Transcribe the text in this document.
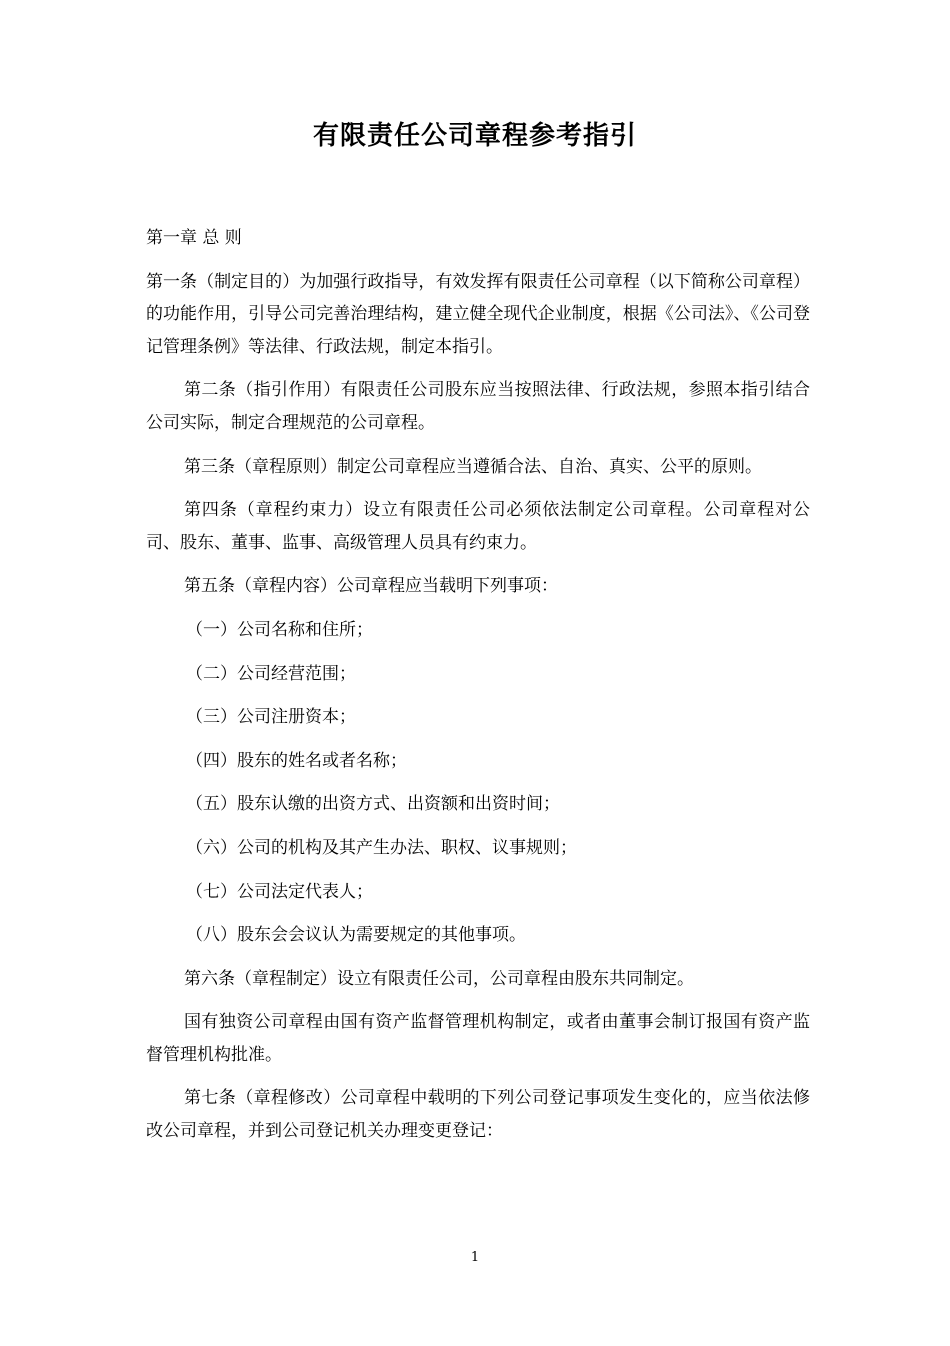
有限责任公司章程参考指引

第一章 总 则

第一条（制定目的）为加强行政指导，有效发挥有限责任公司章程（以下简称公司章程）的功能作用，引导公司完善治理结构，建立健全现代企业制度，根据《公司法》、《公司登记管理条例》等法律、行政法规，制定本指引。

第二条（指引作用）有限责任公司股东应当按照法律、行政法规，参照本指引结合公司实际，制定合理规范的公司章程。

第三条（章程原则）制定公司章程应当遵循合法、自治、真实、公平的原则。

第四条（章程约束力）设立有限责任公司必须依法制定公司章程。公司章程对公司、股东、董事、监事、高级管理人员具有约束力。

第五条（章程内容）公司章程应当载明下列事项：

（一）公司名称和住所；

（二）公司经营范围；

（三）公司注册资本；

（四）股东的姓名或者名称；

（五）股东认缴的出资方式、出资额和出资时间；

（六）公司的机构及其产生办法、职权、议事规则；

（七）公司法定代表人；

（八）股东会会议认为需要规定的其他事项。

第六条（章程制定）设立有限责任公司，公司章程由股东共同制定。

国有独资公司章程由国有资产监督管理机构制定，或者由董事会制订报国有资产监督管理机构批准。

第七条（章程修改）公司章程中载明的下列公司登记事项发生变化的，应当依法修改公司章程，并到公司登记机关办理变更登记：

1
